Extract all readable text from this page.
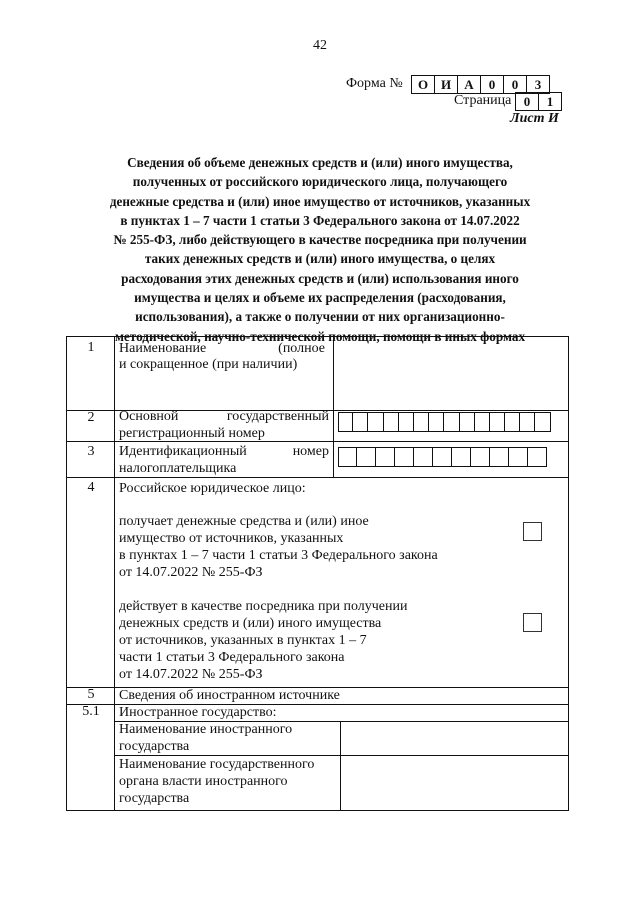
42
Форма №	О И	А	0	0	3
Страница 0	1
Лист И
Сведения об объеме денежных средств и (или) иного имущества,
полученных от российского юридического лица, получающего
денежные средства и (или) иное имущество от источников, указанных
в пунктах 1 – 7 части 1 статьи 3 Федерального закона от 14.07.2022
№ 255-ФЗ, либо действующего в качестве посредника при получении
таких денежных средств и (или) иного имущества, о целях
расходования этих денежных средств и (или) использования иного
имущества и целях и объеме их распределения (расходования,
использования), а также о получении от них организационно-
методической, научно-технической помощи, помощи в иных формах
1	Наименование	(полное
и сокращенное (при наличии)
2	Основной	государственный
регистрационный номер
3	Идентификационный	номер
налогоплательщика
4	Российское юридическое лицо:
получает денежные средства и (или) иное
имущество от источников, указанных
в пунктах 1 – 7 части 1 статьи 3 Федерального закона
от 14.07.2022 № 255-ФЗ
действует в качестве посредника при получении
денежных средств и (или) иного имущества
от источников, указанных в пунктах 1 – 7
части 1 статьи 3 Федерального закона
от 14.07.2022 № 255-ФЗ
5	Сведения об иностранном источнике
5.1	Иностранное государство:
Наименование иностранного
государства
Наименование государственного
органа власти иностранного
государства
